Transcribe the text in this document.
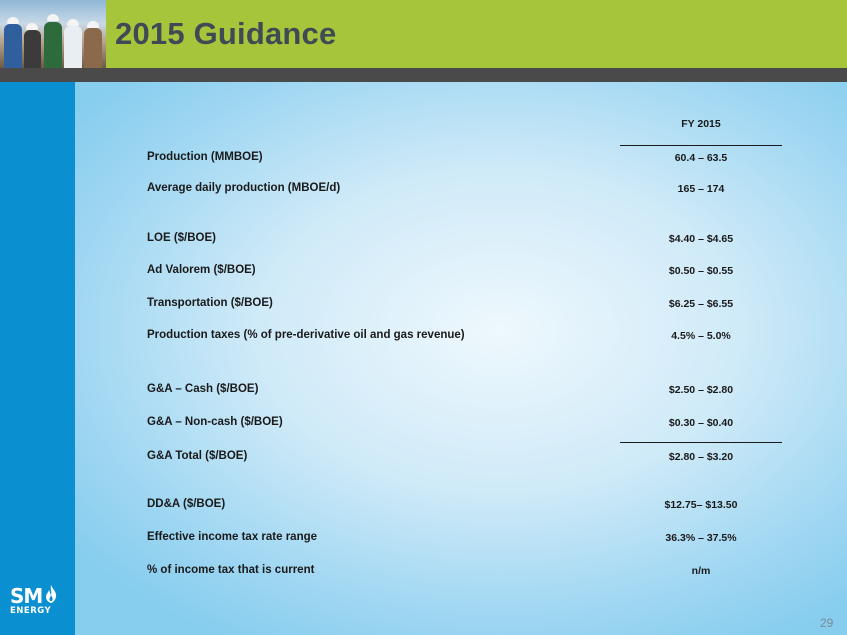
2015 Guidance
FY 2015
Production (MMBOE)	60.4 – 63.5
Average daily production (MBOE/d)	165 – 174
LOE ($/BOE)	$4.40 – $4.65
Ad Valorem ($/BOE)	$0.50 – $0.55
Transportation ($/BOE)	$6.25 – $6.55
Production taxes (% of pre-derivative oil and gas revenue)	4.5% – 5.0%
G&A – Cash ($/BOE)	$2.50 – $2.80
G&A – Non-cash ($/BOE)	$0.30 – $0.40
G&A Total ($/BOE)	$2.80 – $3.20
DD&A ($/BOE)	$12.75– $13.50
Effective income tax rate range	36.3% – 37.5%
% of income tax that is current	n/m
SM
ENERGY
29
